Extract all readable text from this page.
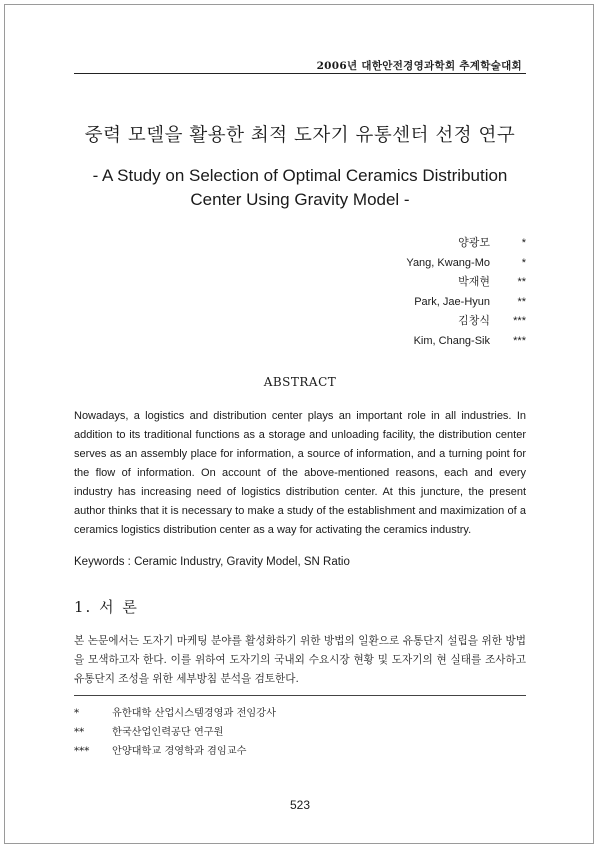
2006년 대한안전경영과학회 추계학술대회
중력 모델을 활용한 최적 도자기 유통센터 선정 연구
- A Study on Selection of Optimal Ceramics Distribution
Center Using Gravity Model -
양광모	*
Yang, Kwang-Mo	*
박재현	**
Park, Jae-Hyun	**
김창식	***
Kim, Chang-Sik	***
ABSTRACT
Nowadays, a logistics and distribution center plays an important role in all industries. In addition to its traditional functions as a storage and unloading facility, the distribution center serves as an assembly place for information, a source of information, and a turning point for the flow of information. On account of the above-mentioned reasons, each and every industry has increasing need of logistics distribution center. At this juncture, the present author thinks that it is necessary to make a study of the establishment and maximization of a ceramics logistics distribution center as a way for activating the ceramics industry.
Keywords : Ceramic Industry, Gravity Model, SN Ratio
1. 서 론
본 논문에서는 도자기 마케팅 분야를 활성화하기 위한 방법의 일환으로 유통단지 설립을 위한 방법을 모색하고자 한다. 이를 위하여 도자기의 국내외 수요시장 현황 및 도자기의 현 실태를 조사하고 유통단지 조성을 위한 세부방침 분석을 검토한다.
*	유한대학 산업시스템경영과 전임강사
**	한국산업인력공단 연구원
***	안양대학교 경영학과 겸임교수
523
